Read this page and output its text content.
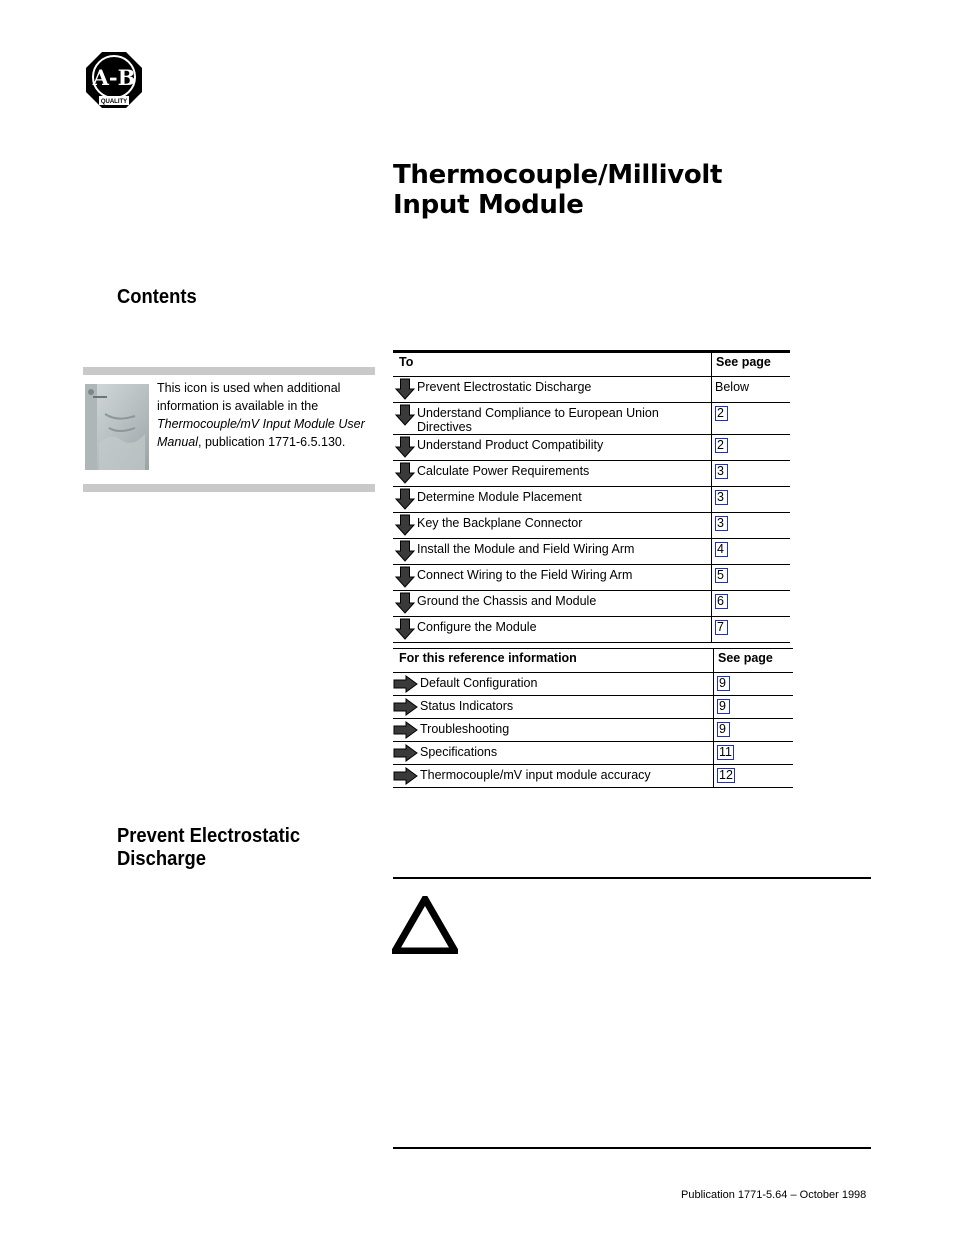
A-B
QUALITY
Thermocouple/Millivolt
Input Module
Contents
This icon is used when additional information is available in the Thermocouple/mV Input Module User Manual, publication 1771-6.5.130.
To	See page

Prevent Electrostatic Discharge	Below

Understand Compliance to European Union Directives	2

Understand Product Compatibility	2

Calculate Power Requirements	3

Determine Module Placement	3

Key the Backplane Connector	3

Install the Module and Field Wiring Arm	4

Connect Wiring to the Field Wiring Arm	5

Ground the Chassis and Module	6

Configure the Module	7
For this reference information	See page

Default Configuration	9

Status Indicators	9

Troubleshooting	9

Specifications	11

Thermocouple/mV input module accuracy	12
Prevent Electrostatic
Discharge
Publication 1771-5.64 – October 1998
